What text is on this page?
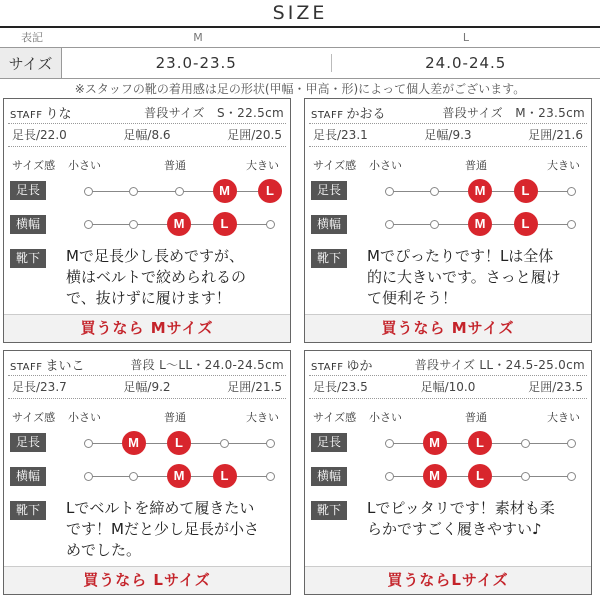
SIZE
表記	M	L
サイズ	23.0-23.5	24.0-24.5
※スタッフの靴の着用感は足の形状(甲幅・甲高・形)によって個人差がございます。
STAFF りな	普段サイズ　S・22.5cm
足長/22.0	足幅/8.6	足囲/20.5
サイズ感 小さい	普通	大きい
足長
横幅
靴下	Mで足長少し長めですが、
横はベルトで絞められるの
で、抜けずに履けます！
買うなら Mサイズ
M	L
M	L
STAFF かおる	普段サイズ　M・23.5cm
足長/23.1	足幅/9.3	足囲/21.6
サイズ感 小さい	普通	大きい
足長
横幅
靴下	Mでぴったりです！Lは全体
的に大きいです。さっと履け
て便利そう！
買うなら Mサイズ
M	L
M	L
STAFF まいこ	普段 L〜LL・24.0-24.5cm
足長/23.7	足幅/9.2	足囲/21.5
サイズ感 小さい	普通	大きい
足長
横幅
靴下	Lでベルトを締めて履きたい
です！Mだと少し足長が小さ
めでした。
買うなら Lサイズ
M	L
M	L
STAFF ゆか	普段サイズ LL・24.5-25.0cm
足長/23.5	足幅/10.0	足囲/23.5
サイズ感 小さい	普通	大きい
足長
横幅
靴下	Lでピッタリです！素材も柔
らかですごく履きやすい♪
買うならLサイズ
M	L
M	L
